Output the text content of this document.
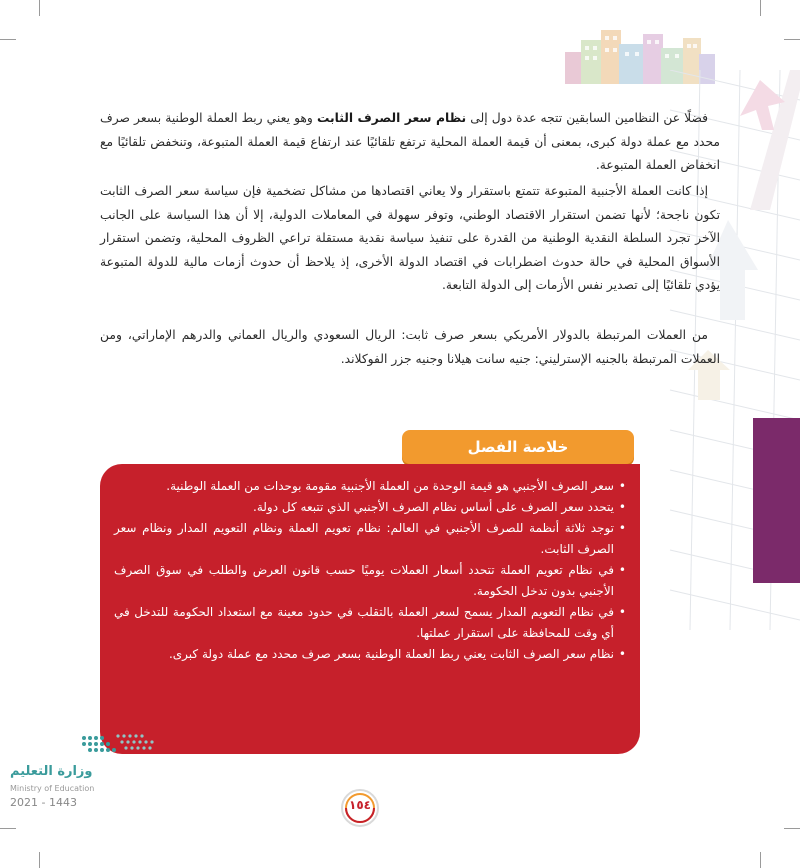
فضلًا عن النظامين السابقين تتجه عدة دول إلى نظام سعر الصرف الثابت وهو يعني ربط العملة الوطنية بسعر صرف محدد مع عملة دولة كبرى، بمعنى أن قيمة العملة المحلية ترتفع تلقائيًا عند ارتفاع قيمة العملة المتبوعة، وتنخفض تلقائيًا مع انخفاض العملة المتبوعة.

إذا كانت العملة الأجنبية المتبوعة تتمتع باستقرار ولا يعاني اقتصادها من مشاكل تضخمية فإن سياسة سعر الصرف الثابت تكون ناجحة؛ لأنها تضمن استقرار الاقتصاد الوطني، وتوفر سهولة في المعاملات الدولية، إلا أن هذا السياسة على الجانب الآخر تجرد السلطة النقدية الوطنية من القدرة على تنفيذ سياسة نقدية مستقلة تراعي الظروف المحلية، وتضمن استقرار الأسواق المحلية في حالة حدوث اضطرابات في اقتصاد الدولة الأخرى، إذ يلاحظ أن حدوث أزمات مالية للدولة المتبوعة يؤدي تلقائيًا إلى تصدير نفس الأزمات إلى الدولة التابعة.

من العملات المرتبطة بالدولار الأمريكي بسعر صرف ثابت: الريال السعودي والريال العماني والدرهم الإماراتي، ومن العملات المرتبطة بالجنيه الإسترليني: جنيه سانت هيلانا وجنيه جزر الفوكلاند.

خلاصة الفصل
• سعر الصرف الأجنبي هو قيمة الوحدة من العملة الأجنبية مقومة بوحدات من العملة الوطنية.
• يتحدد سعر الصرف على أساس نظام الصرف الأجنبي الذي تتبعه كل دولة.
• توجد ثلاثة أنظمة للصرف الأجنبي في العالم: نظام تعويم العملة ونظام التعويم المدار ونظام سعر الصرف الثابت.
• في نظام تعويم العملة تتحدد أسعار العملات يوميًا حسب قانون العرض والطلب في سوق الصرف الأجنبي بدون تدخل الحكومة.
• في نظام التعويم المدار يسمح لسعر العملة بالتقلب في حدود معينة مع استعداد الحكومة للتدخل في أي وقت للمحافظة على استقرار عملتها.
• نظام سعر الصرف الثابت يعني ربط العملة الوطنية بسعر صرف محدد مع عملة دولة كبرى.
وزارة التعليم
Ministry of Education
2021 - 1443	١٥٤
